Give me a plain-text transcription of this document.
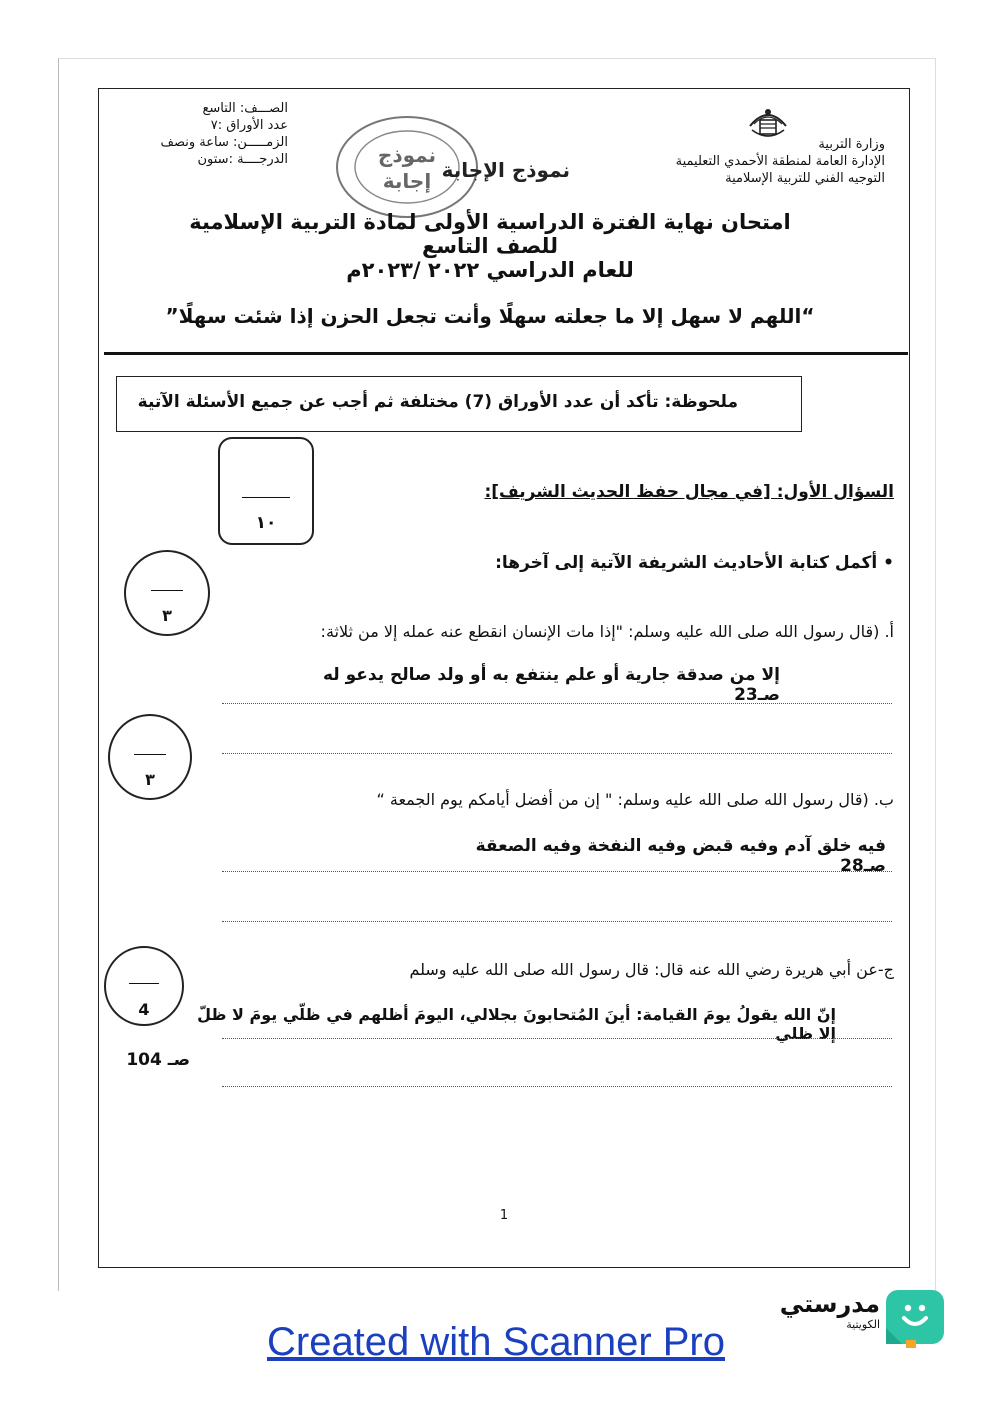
الصـــف: التاسع
عدد الأوراق :٧
الزمـــــن: ساعة ونصف
الدرجــــة :ستون
وزارة التربية
الإدارة العامة لمنطقة الأحمدي التعليمية
التوجيه الفني للتربية الإسلامية
نموذج
إجابة نموذج الإجابة
امتحان نهاية الفترة الدراسية الأولى لمادة التربية الإسلامية للصف التاسع
للعام الدراسي ٢٠٢٢ /٢٠٢٣م
“اللهم لا سهل إلا ما جعلته سهلًا وأنت تجعل الحزن إذا شئت سهلًا”
ملحوظة: تأكد أن عدد الأوراق (7) مختلفة ثم أجب عن جميع الأسئلة الآتية
١٠
السؤال الأول: [في مجال حفظ الحديث الشريف]:
• أكمل كتابة الأحاديث الشريفة الآتية إلى آخرها:
٣
أ. (قال رسول الله صلى الله عليه وسلم: "إذا مات الإنسان انقطع عنه عمله إلا من ثلاثة:
إلا من صدقة جارية أو علم ينتفع به أو ولد صالح يدعو له صـ23
٣
ب. (قال رسول الله صلى الله عليه وسلم: " إن من أفضل أيامكم يوم الجمعة “
فيه خلق آدم وفيه قبض وفيه النفخة وفيه الصعقة صـ28
4
ج-عن أبي هريرة رضي الله عنه قال: قال رسول الله صلى الله عليه وسلم
إنّ الله يقولُ يومَ القيامة: أينَ المُتحابونَ بجلالي، اليومَ أظلهم في ظلّي يومَ لا ظلّ إلا ظلي
صـ 104
1
Created with Scanner Pro
مدرستي
الكويتية
